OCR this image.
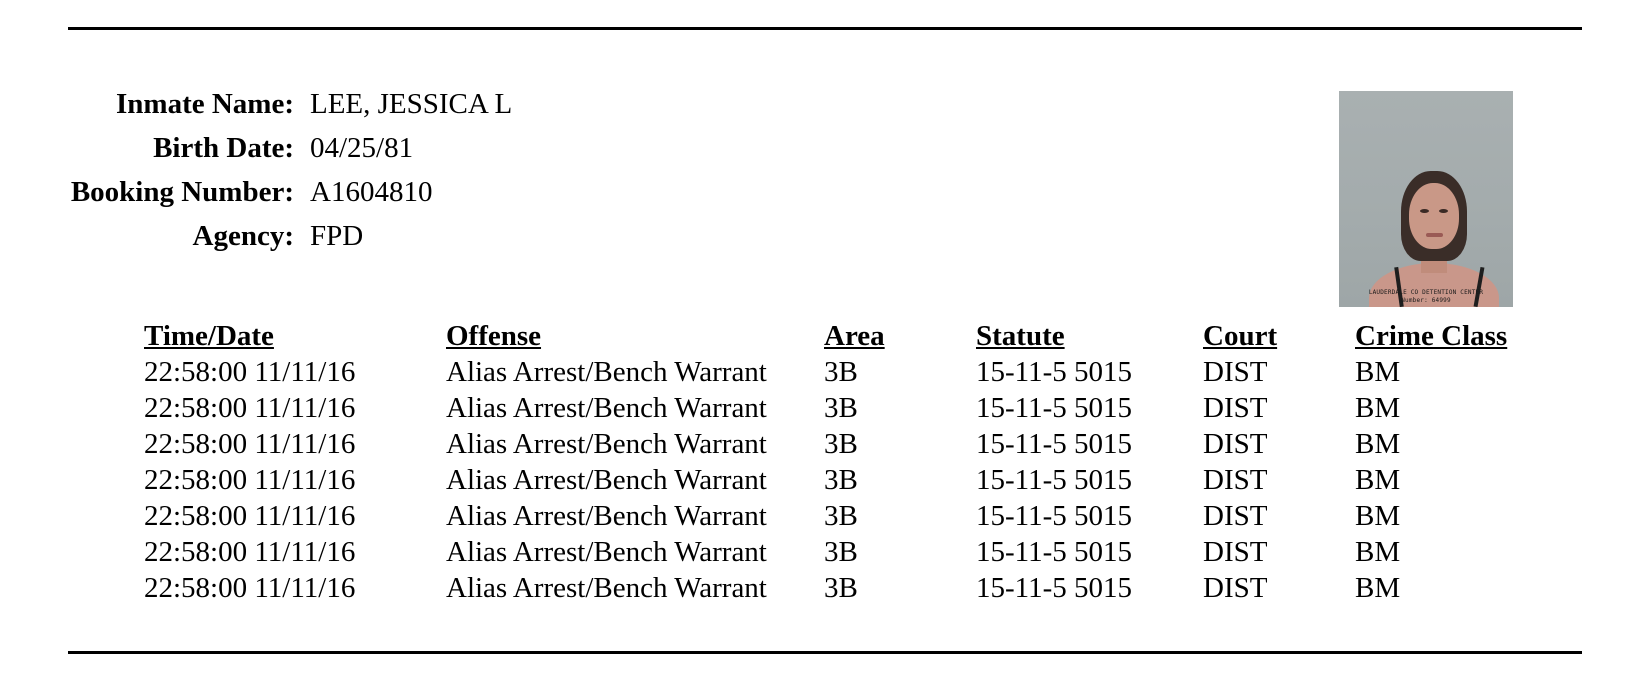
Inmate Name: LEE, JESSICA L
Birth Date: 04/25/81
Booking Number: A1604810
Agency: FPD
LAUDERDALE CO DETENTION CENTER
Number: 64999
Time/Date	Offense	Area	Statute	Court	Crime Class
22:58:00 11/11/16	Alias Arrest/Bench Warrant	3B	15-11-5 5015	DIST	BM
22:58:00 11/11/16	Alias Arrest/Bench Warrant	3B	15-11-5 5015	DIST	BM
22:58:00 11/11/16	Alias Arrest/Bench Warrant	3B	15-11-5 5015	DIST	BM
22:58:00 11/11/16	Alias Arrest/Bench Warrant	3B	15-11-5 5015	DIST	BM
22:58:00 11/11/16	Alias Arrest/Bench Warrant	3B	15-11-5 5015	DIST	BM
22:58:00 11/11/16	Alias Arrest/Bench Warrant	3B	15-11-5 5015	DIST	BM
22:58:00 11/11/16	Alias Arrest/Bench Warrant	3B	15-11-5 5015	DIST	BM
